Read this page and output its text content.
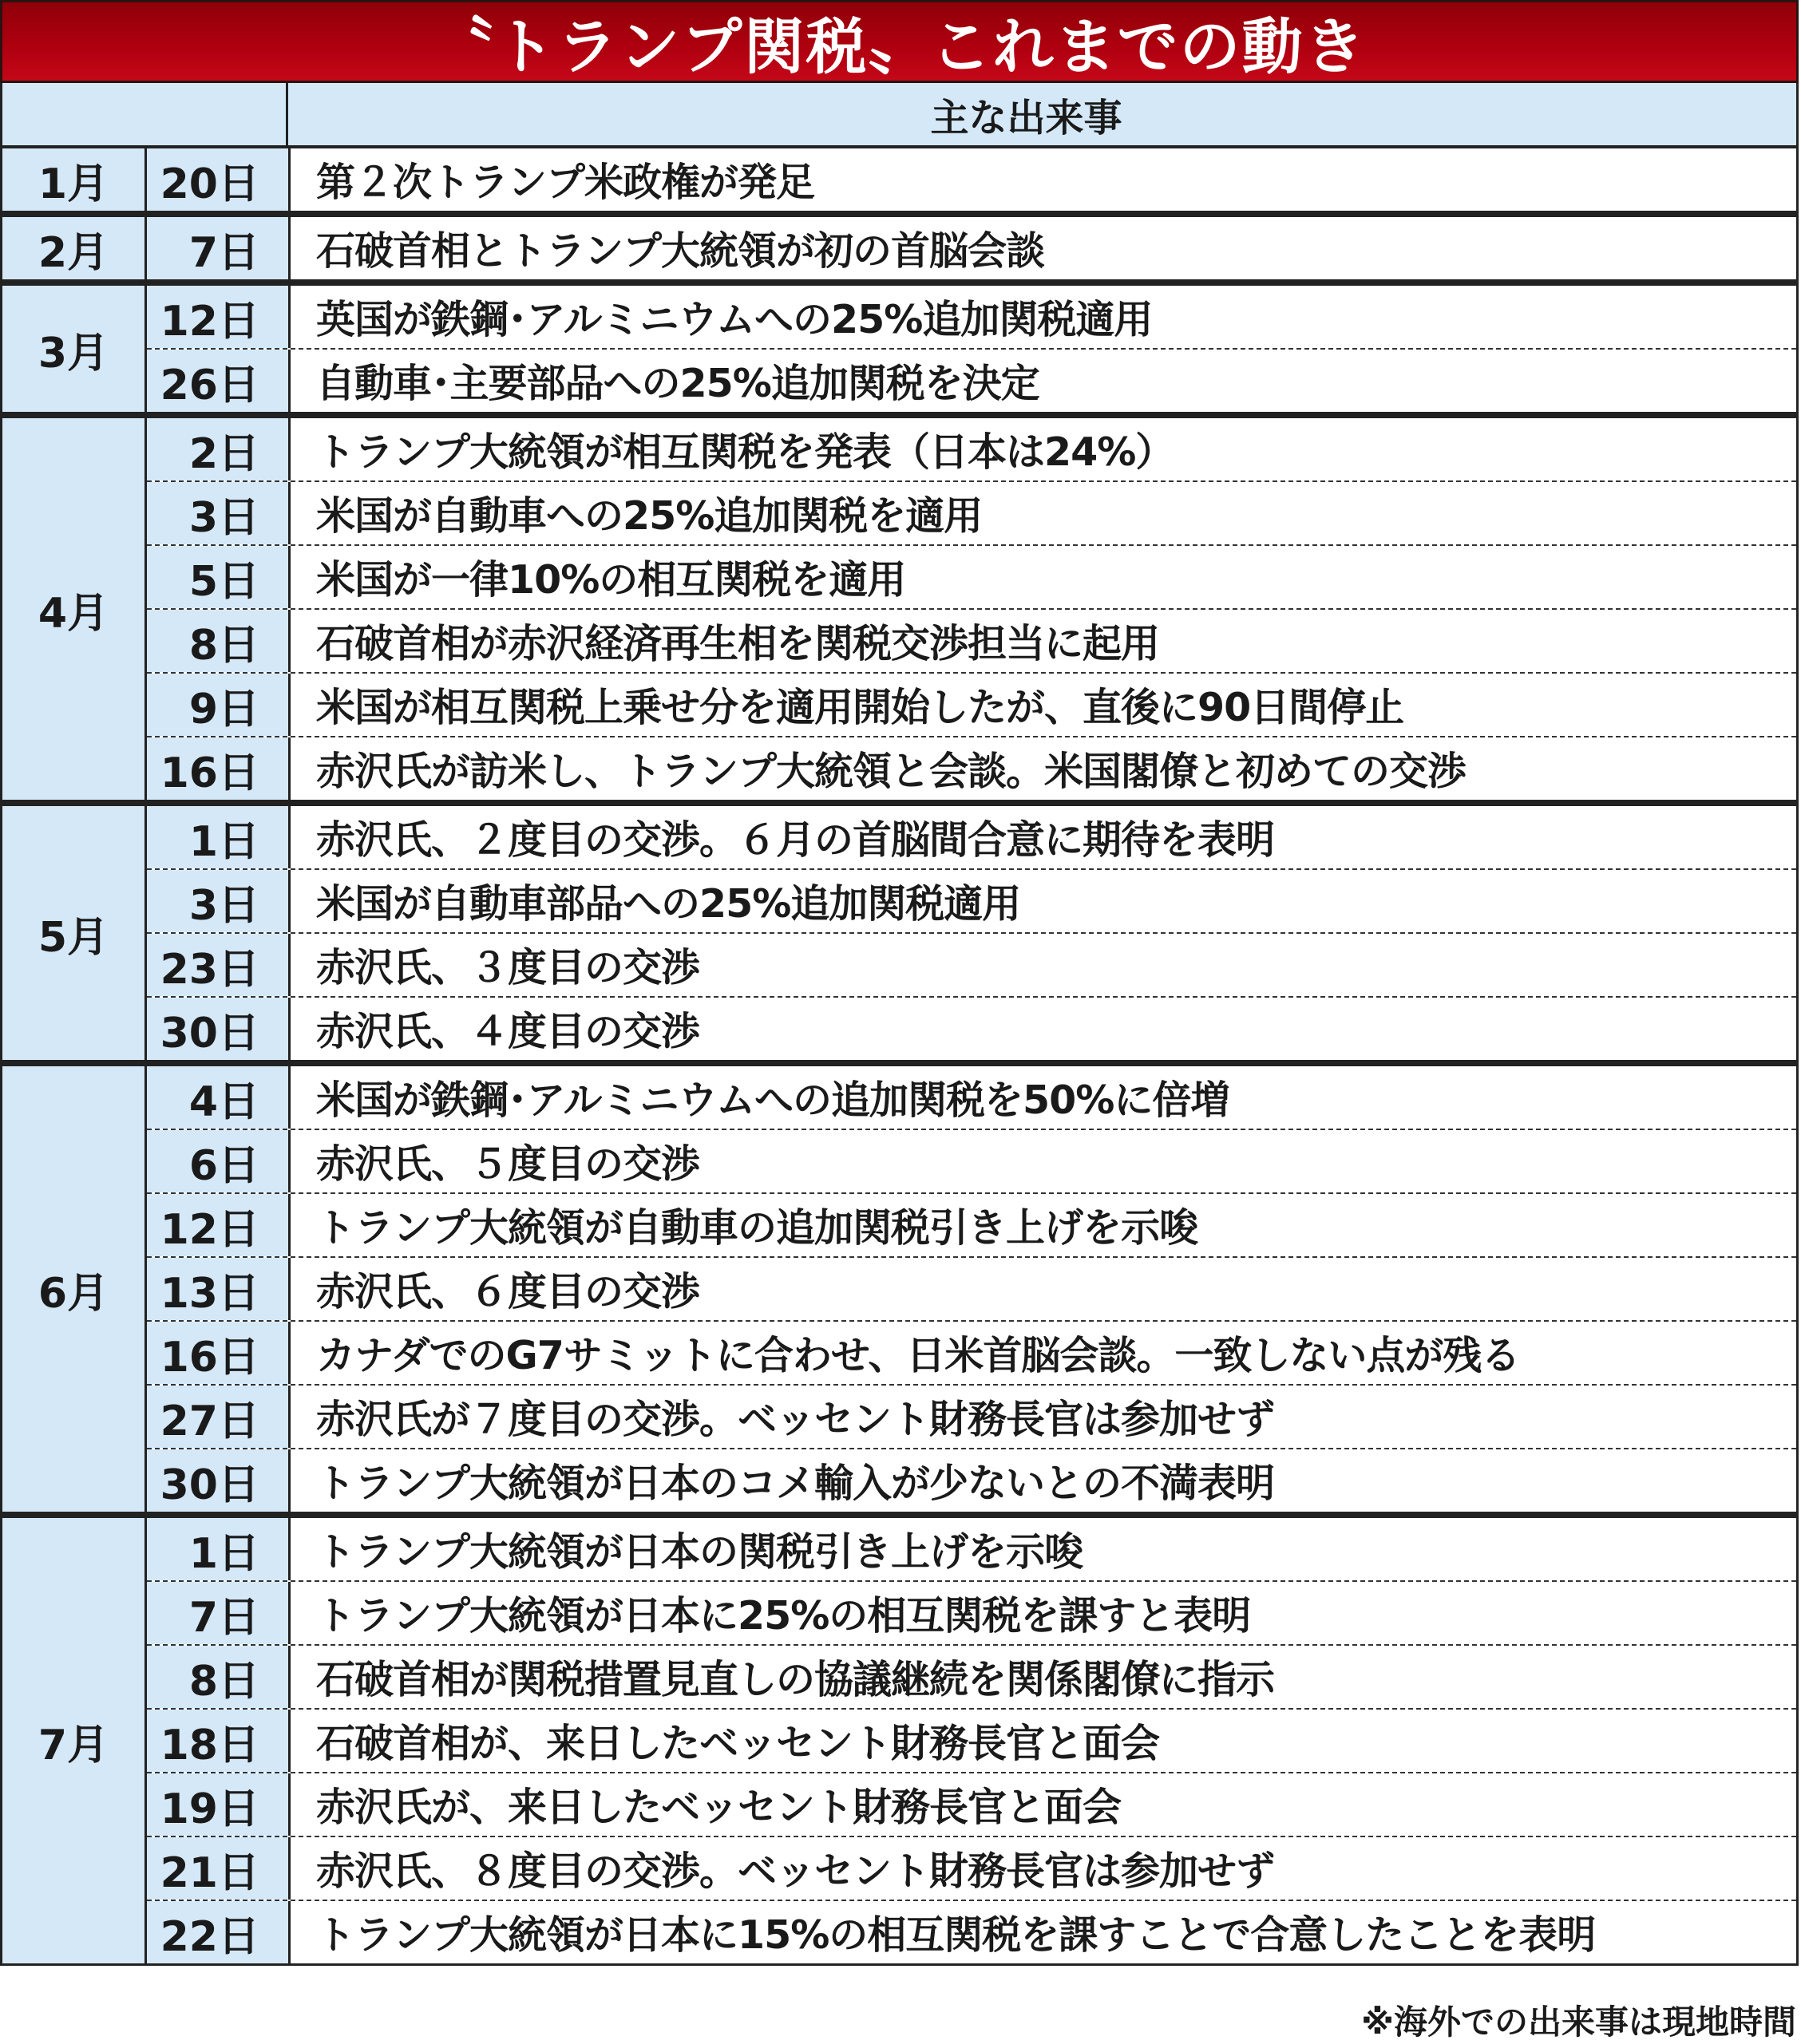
〝トランプ関税〟これまでの動き
主な出来事
1月	20日	第２次トランプ米政権が発足
2月	7日	石破首相とトランプ大統領が初の首脳会談
3月
12日	英国が鉄鋼･アルミニウムへの25%追加関税適用
26日	自動車･主要部品への25%追加関税を決定
4月
2日	トランプ大統領が相互関税を発表（日本は24%）
3日	米国が自動車への25%追加関税を適用
5日	米国が一律10%の相互関税を適用
8日	石破首相が赤沢経済再生相を関税交渉担当に起用
9日	米国が相互関税上乗せ分を適用開始したが、直後に90日間停止
16日	赤沢氏が訪米し、トランプ大統領と会談。米国閣僚と初めての交渉
5月
1日	赤沢氏、２度目の交渉。６月の首脳間合意に期待を表明
3日	米国が自動車部品への25%追加関税適用
23日	赤沢氏、３度目の交渉
30日	赤沢氏、４度目の交渉
6月
4日	米国が鉄鋼･アルミニウムへの追加関税を50%に倍増
6日	赤沢氏、５度目の交渉
12日	トランプ大統領が自動車の追加関税引き上げを示唆
13日	赤沢氏、６度目の交渉
16日	カナダでのG7サミットに合わせ、日米首脳会談。一致しない点が残る
27日	赤沢氏が７度目の交渉。ベッセント財務長官は参加せず
30日	トランプ大統領が日本のコメ輸入が少ないとの不満表明
7月
1日	トランプ大統領が日本の関税引き上げを示唆
7日	トランプ大統領が日本に25%の相互関税を課すと表明
8日	石破首相が関税措置見直しの協議継続を関係閣僚に指示
18日	石破首相が、来日したベッセント財務長官と面会
19日	赤沢氏が、来日したベッセント財務長官と面会
21日	赤沢氏、８度目の交渉。ベッセント財務長官は参加せず
22日	トランプ大統領が日本に15%の相互関税を課すことで合意したことを表明
※海外での出来事は現地時間
